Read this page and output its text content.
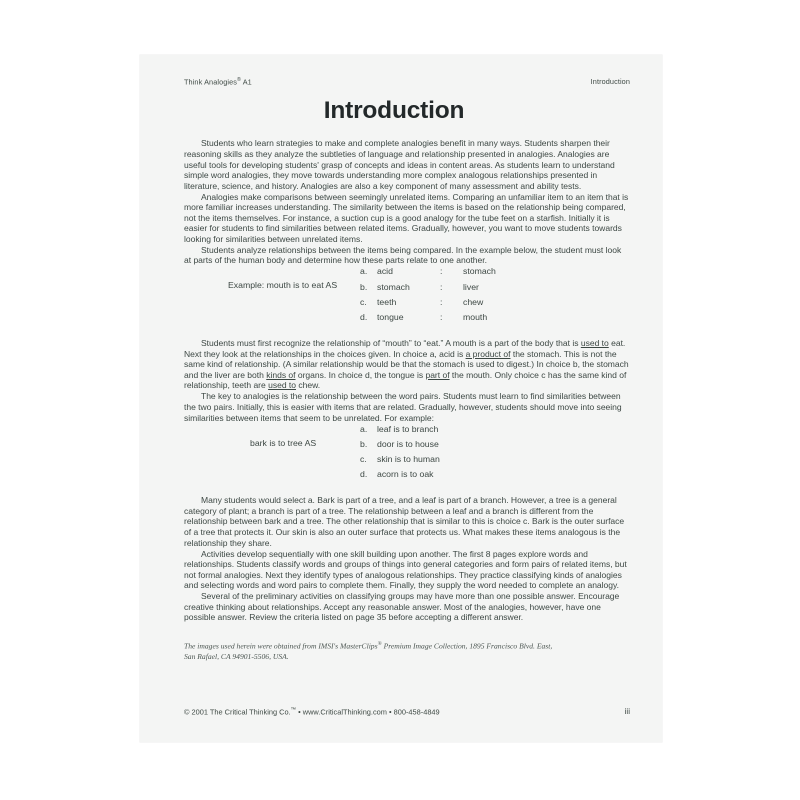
Think Analogies® A1	Introduction
Introduction

Students who learn strategies to make and complete analogies benefit in many ways. Students sharpen their reasoning skills as they analyze the subtleties of language and relationship presented in analogies. Analogies are useful tools for developing students' grasp of concepts and ideas in content areas. As students learn to understand simple word analogies, they move towards understanding more complex analogous relationships presented in literature, science, and history. Analogies are also a key component of many assessment and ability tests.

Analogies make comparisons between seemingly unrelated items. Comparing an unfamiliar item to an item that is more familiar increases understanding. The similarity between the items is based on the relationship being compared, not the items themselves. For instance, a suction cup is a good analogy for the tube feet on a starfish. Initially it is easier for students to find similarities between related items. Gradually, however, you want to move students towards looking for similarities between unrelated items.

Students analyze relationships between the items being compared. In the example below, the student must look at parts of the human body and determine how these parts relate to one another.

Example: mouth is to eat AS
a.	acid	:	stomach
b.	stomach	:	liver
c.	teeth	:	chew
d.	tongue	:	mouth

Students must first recognize the relationship of “mouth” to “eat.” A mouth is a part of the body that is used to eat. Next they look at the relationships in the choices given. In choice a, acid is a product of the stomach. This is not the same kind of relationship. (A similar relationship would be that the stomach is used to digest.) In choice b, the stomach and the liver are both kinds of organs. In choice d, the tongue is part of the mouth. Only choice c has the same kind of relationship, teeth are used to chew.

The key to analogies is the relationship between the word pairs. Students must learn to find similarities between the two pairs. Initially, this is easier with items that are related. Gradually, however, students should move into seeing similarities between items that seem to be unrelated. For example:

bark is to tree AS
a.	leaf is to branch
b.	door is to house
c.	skin is to human
d.	acorn is to oak

Many students would select a. Bark is part of a tree, and a leaf is part of a branch. However, a tree is a general category of plant; a branch is part of a tree. The relationship between a leaf and a branch is different from the relationship between bark and a tree. The other relationship that is similar to this is choice c. Bark is the outer surface of a tree that protects it. Our skin is also an outer surface that protects us. What makes these items analogous is the relationship they share.

Activities develop sequentially with one skill building upon another. The first 8 pages explore words and relationships. Students classify words and groups of things into general categories and form pairs of related items, but not formal analogies. Next they identify types of analogous relationships. They practice classifying kinds of analogies and selecting words and word pairs to complete them. Finally, they supply the word needed to complete an analogy.

Several of the preliminary activities on classifying groups may have more than one possible answer. Encourage creative thinking about relationships. Accept any reasonable answer. Most of the analogies, however, have one possible answer. Review the criteria listed on page 35 before accepting a different answer.

The images used herein were obtained from IMSI's MasterClips® Premium Image Collection, 1895 Francisco Blvd. East,
San Rafael, CA 94901-5506, USA.
© 2001 The Critical Thinking Co.™ • www.CriticalThinking.com • 800-458-4849	iii
